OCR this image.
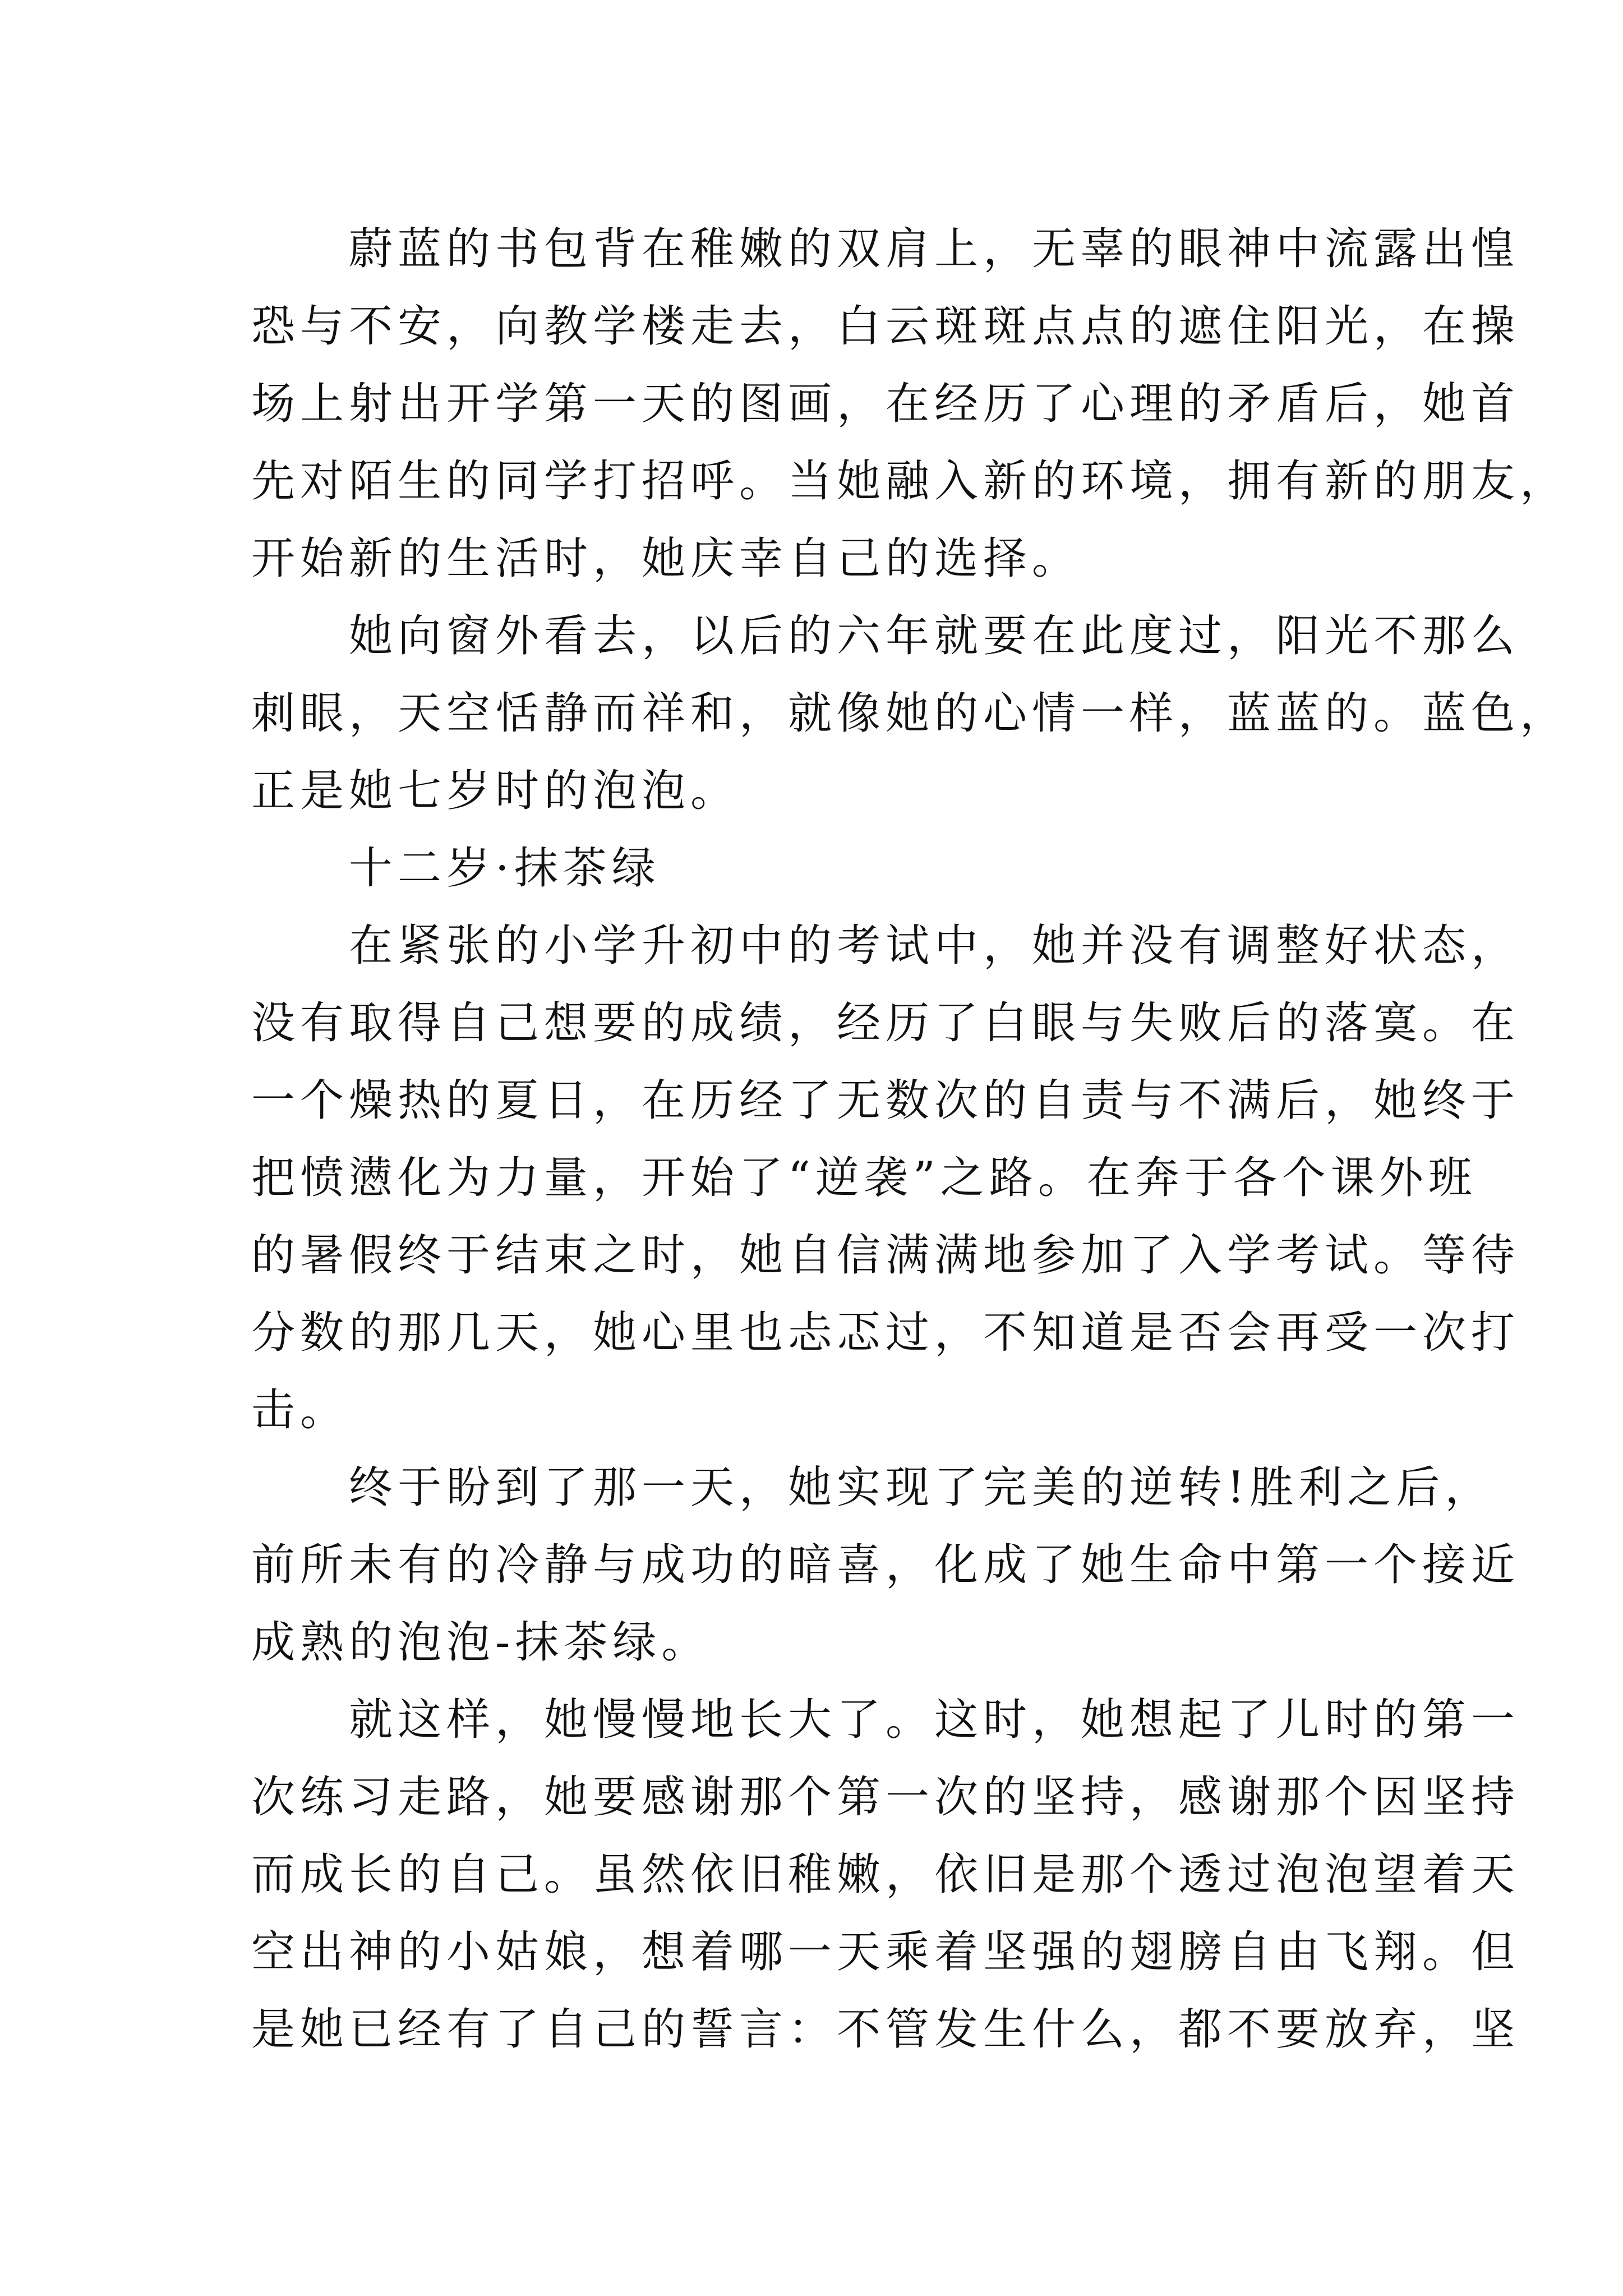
　　蔚蓝的书包背在稚嫩的双肩上，无辜的眼神中流露出惶
恐与不安，向教学楼走去，白云斑斑点点的遮住阳光，在操
场上射出开学第一天的图画，在经历了心理的矛盾后，她首
先对陌生的同学打招呼。当她融入新的环境，拥有新的朋友，
开始新的生活时，她庆幸自己的选择。
　　她向窗外看去，以后的六年就要在此度过，阳光不那么
刺眼，天空恬静而祥和，就像她的心情一样，蓝蓝的。蓝色，
正是她七岁时的泡泡。
　　十二岁·抹茶绿
　　在紧张的小学升初中的考试中，她并没有调整好状态，
没有取得自己想要的成绩，经历了白眼与失败后的落寞。在
一个燥热的夏日，在历经了无数次的自责与不满后，她终于
把愤懑化为力量，开始了“逆袭”之路。在奔于各个课外班
的暑假终于结束之时，她自信满满地参加了入学考试。等待
分数的那几天，她心里也忐忑过，不知道是否会再受一次打
击。
　　终于盼到了那一天，她实现了完美的逆转!胜利之后，
前所未有的冷静与成功的暗喜，化成了她生命中第一个接近
成熟的泡泡-抹茶绿。
　　就这样，她慢慢地长大了。这时，她想起了儿时的第一
次练习走路，她要感谢那个第一次的坚持，感谢那个因坚持
而成长的自己。虽然依旧稚嫩，依旧是那个透过泡泡望着天
空出神的小姑娘，想着哪一天乘着坚强的翅膀自由飞翔。但
是她已经有了自己的誓言：不管发生什么，都不要放弃，坚
